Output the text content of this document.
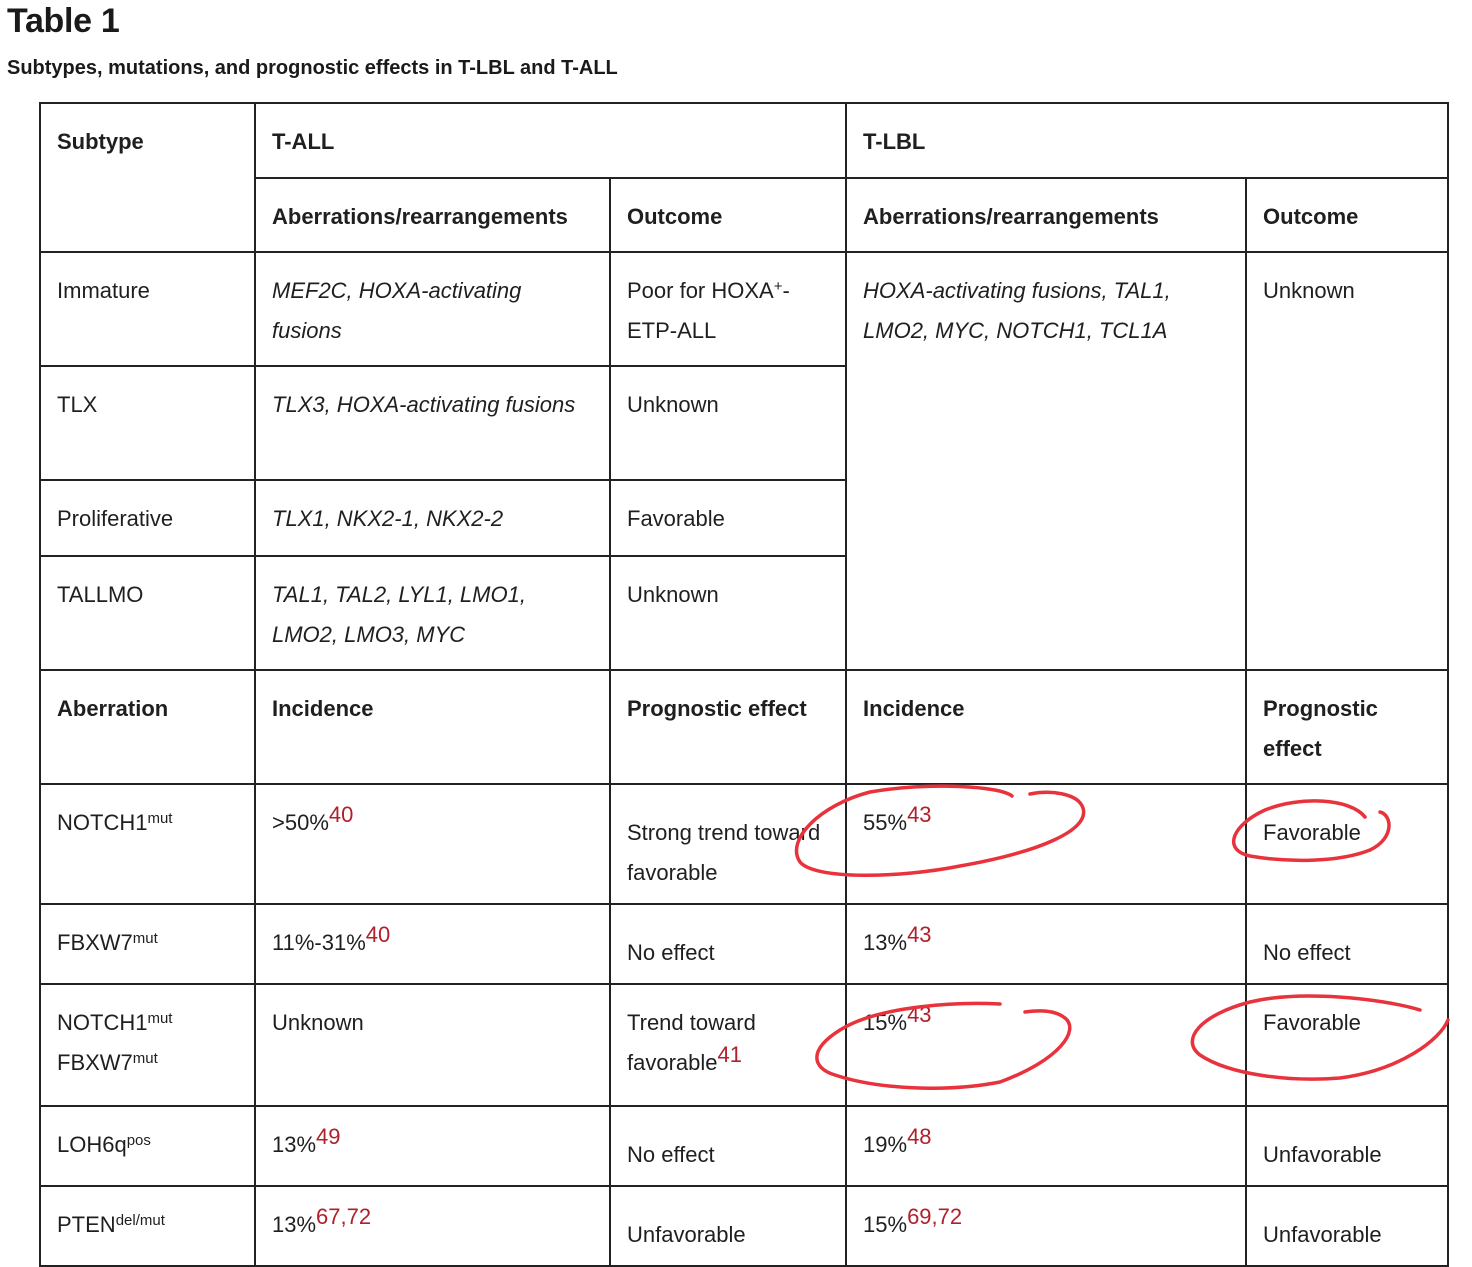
Table 1

Subtypes, mutations, and prognostic effects in T-LBL and T-ALL

Subtype	T-ALL		T-LBL	
	Aberrations/rearrangements	Outcome	Aberrations/rearrangements	Outcome
Immature	MEF2C, HOXA-activating fusions	Poor for HOXA+-ETP-ALL	HOXA-activating fusions, TAL1, LMO2, MYC, NOTCH1, TCL1A	Unknown
TLX	TLX3, HOXA-activating fusions	Unknown		
Proliferative	TLX1, NKX2-1, NKX2-2	Favorable		
TALLMO	TAL1, TAL2, LYL1, LMO1, LMO2, LMO3, MYC	Unknown		
Aberration	Incidence	Prognostic effect	Incidence	Prognostic effect
$NOTCH1^{mut}$	>50%$^{40}$	Strong trend toward favorable	55%$^{43}$	Favorable
$FBXW7^{mut}$	11%-31%$^{40}$	No effect	13%$^{43}$	No effect

$NOTCH1^{mut}$
$FBXW7^{mut}$	Unknown	Trend toward favorable$^{41}$	15%$^{43}$	Favorable
$LOH6q^{pos}$	13%$^{49}$	No effect	19%$^{48}$	Unfavorable
$PTEN^{del/mut}$	13%$^{67,72}$	Unfavorable	15%$^{69,72}$	Unfavorable
